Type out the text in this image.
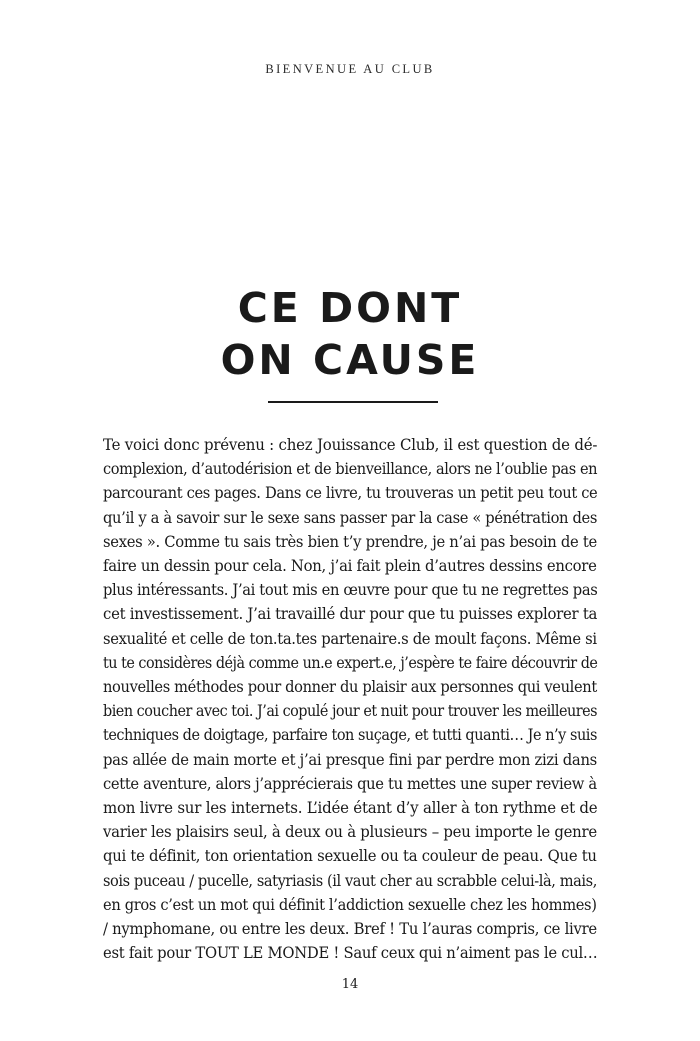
BIENVENUE AU CLUB
CE DONT
ON CAUSE

Te voici donc prévenu : chez Jouissance Club, il est question de dé-
complexion, d’autodérision et de bienveillance, alors ne l’oublie pas en
parcourant ces pages. Dans ce livre, tu trouveras un petit peu tout ce
qu’il y a à savoir sur le sexe sans passer par la case « pénétration des
sexes ». Comme tu sais très bien t’y prendre, je n’ai pas besoin de te
faire un dessin pour cela. Non, j’ai fait plein d’autres dessins encore
plus intéressants. J’ai tout mis en œuvre pour que tu ne regrettes pas
cet investissement. J’ai travaillé dur pour que tu puisses explorer ta
sexualité et celle de ton.ta.tes partenaire.s de moult façons. Même si
tu te considères déjà comme un.e expert.e, j’espère te faire découvrir de
nouvelles méthodes pour donner du plaisir aux personnes qui veulent
bien coucher avec toi. J’ai copulé jour et nuit pour trouver les meilleures
techniques de doigtage, parfaire ton suçage, et tutti quanti… Je n’y suis
pas allée de main morte et j’ai presque fini par perdre mon zizi dans
cette aventure, alors j’apprécierais que tu mettes une super review à
mon livre sur les internets. L’idée étant d’y aller à ton rythme et de
varier les plaisirs seul, à deux ou à plusieurs – peu importe le genre
qui te définit, ton orientation sexuelle ou ta couleur de peau. Que tu
sois puceau / pucelle, satyriasis (il vaut cher au scrabble celui-là, mais,
en gros c’est un mot qui définit l’addiction sexuelle chez les hommes)
/ nymphomane, ou entre les deux. Bref ! Tu l’auras compris, ce livre
est fait pour TOUT LE MONDE ! Sauf ceux qui n’aiment pas le cul…

14
